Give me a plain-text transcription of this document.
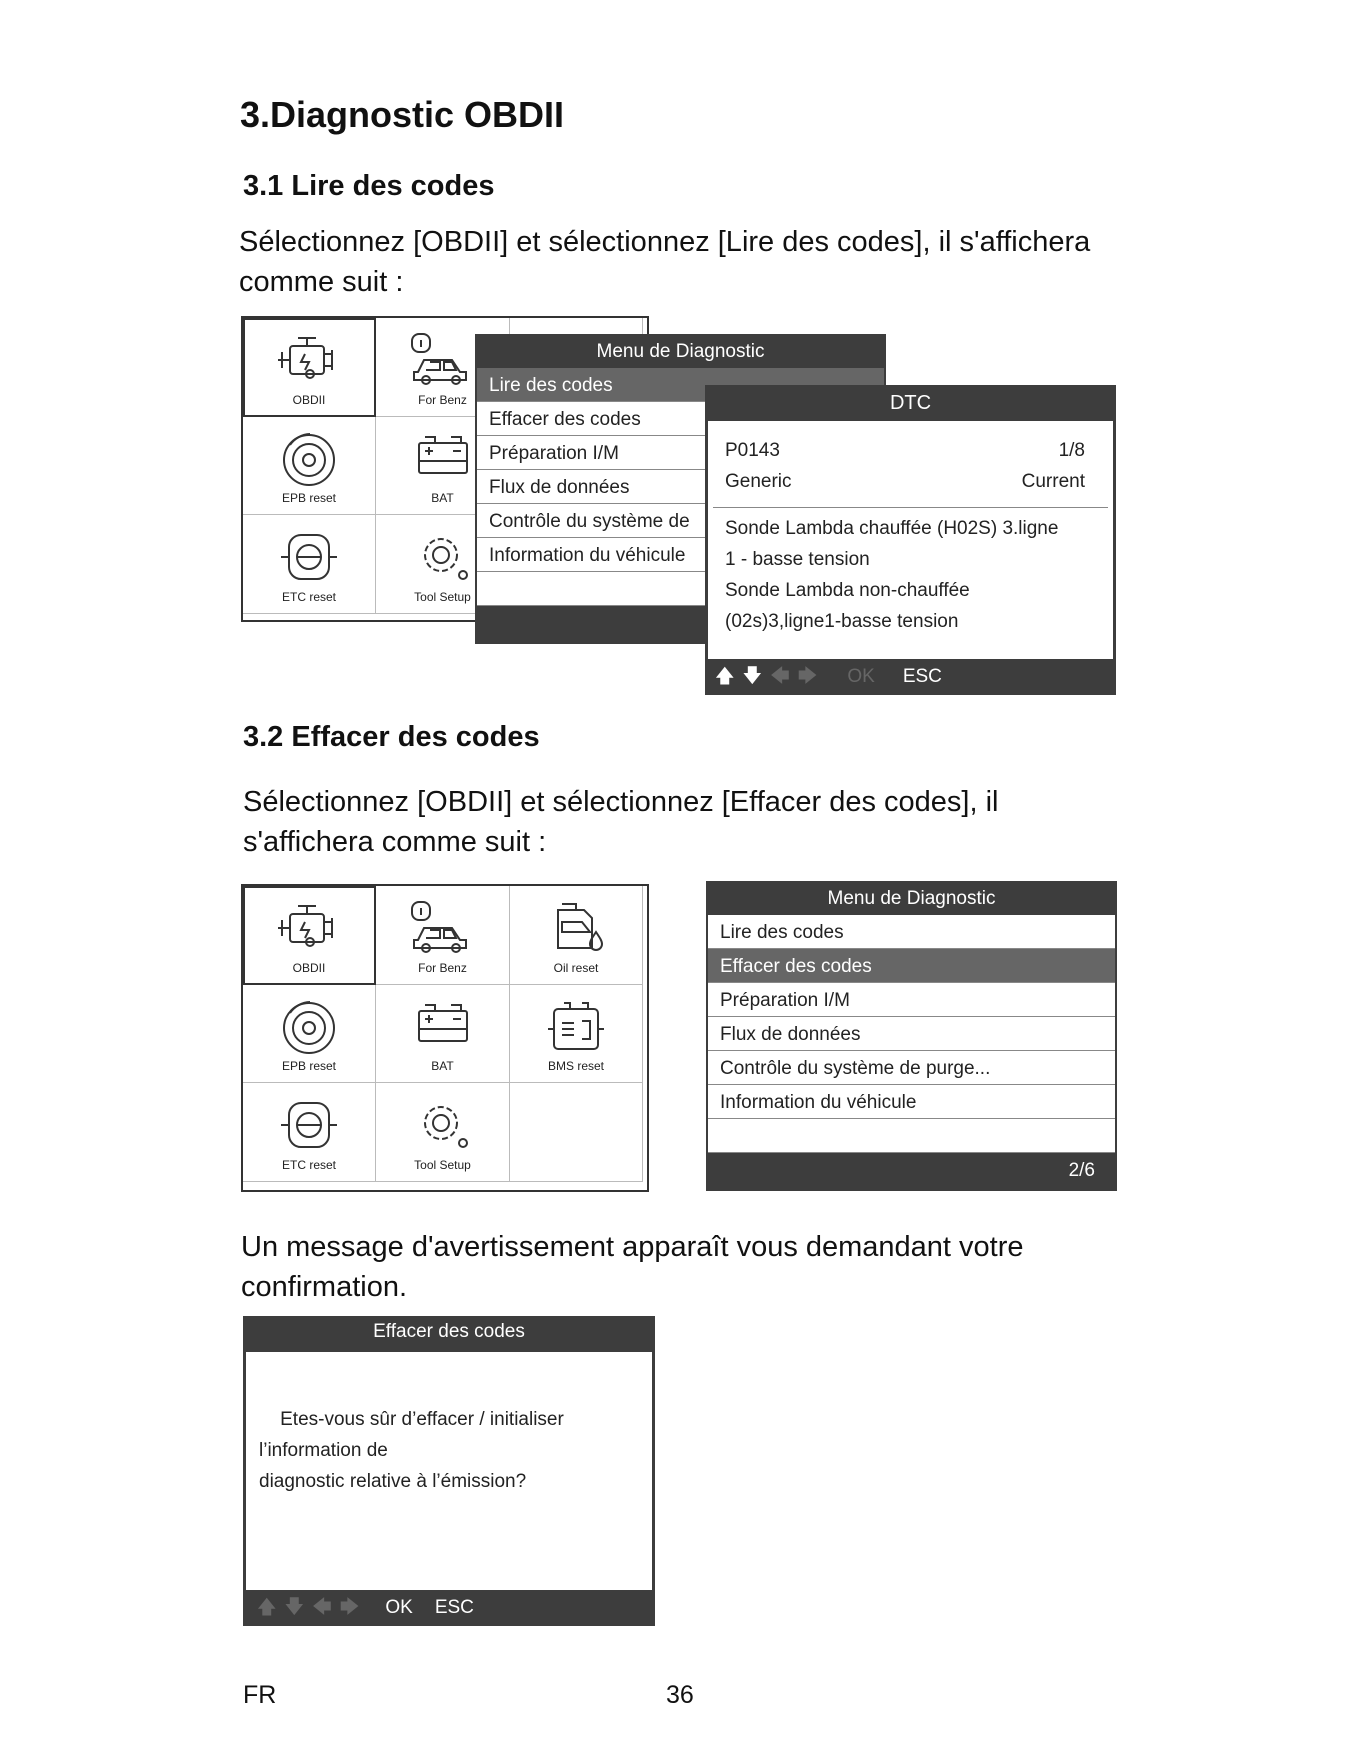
3.Diagnostic OBDII
3.1 Lire des codes

Sélectionnez [OBDII] et sélectionnez [Lire des codes], il s'affichera

comme suit :

OBDII	For Benz
EPB reset	BAT
ETC reset	Tool Setup
Menu de Diagnostic
Lire des codes
Effacer des codes
Préparation I/M
Flux de données
Contrôle du système de
Information du véhicule
DTC
P0143	1/8
Generic	Current
Sonde Lambda chauffée (H02S) 3.ligne
1 - basse tension
Sonde Lambda non-chauffée
(02s)3,ligne1-basse tension
🡅 🡇 🡄 🡆 OK ESC
3.2 Effacer des codes

Sélectionnez [OBDII] et sélectionnez [Effacer des codes], il

s'affichera comme suit :

OBDII	For Benz	Oil reset
EPB reset	BAT	BMS reset
ETC reset	Tool Setup
Menu de Diagnostic
Lire des codes
Effacer des codes
Préparation I/M
Flux de données
Contrôle du système de purge...
Information du véhicule
2/6

Un message d'avertissement apparaît vous demandant votre

confirmation.

Effacer des codes
Etes-vous sûr d’effacer / initialiser
l’information de
diagnostic relative à l’émission?
🡅 🡇 🡄 🡆 OK ESC
FR	36
